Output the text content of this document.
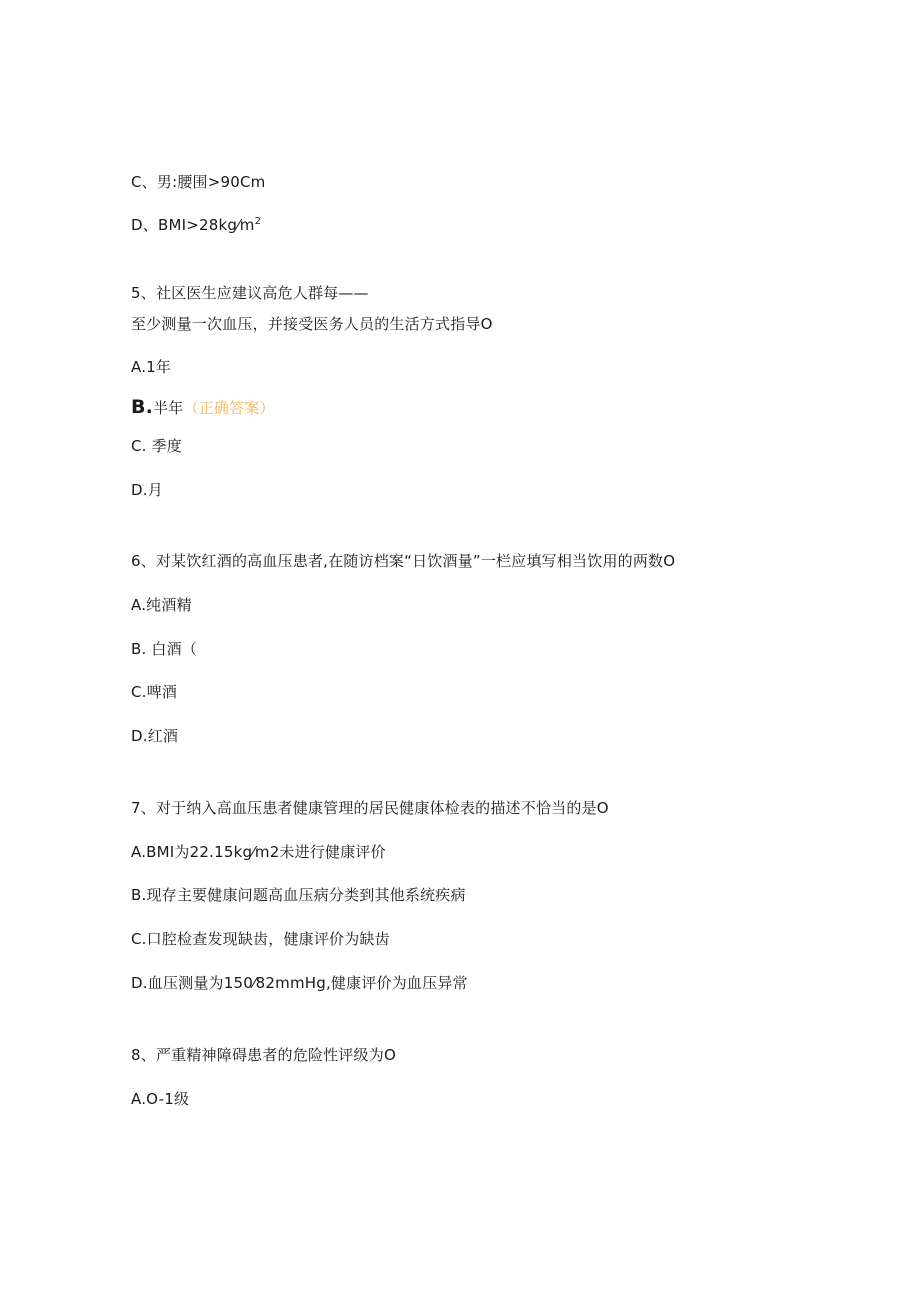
C、男:腰围>90Cm
D、$BMI>28kg⁄m^2$
5、社区医生应建议高危人群每——
至少测量一次血压，并接受医务人员的生活方式指导O
A.1年
B.半年（正确答案）
C. 季度
D.月
6、对某饮红酒的高血压患者,在随访档案“日饮酒量”一栏应填写相当饮用的两数O
A.纯酒精
B. 白酒（
C.啤酒
D.红酒
7、对于纳入高血压患者健康管理的居民健康体检表的描述不恰当的是O
A.BMI为22.15kg⁄m2未进行健康评价
B.现存主要健康问题高血压病分类到其他系统疾病
C.口腔检查发现缺齿，健康评价为缺齿
D.血压测量为150⁄82mmHg,健康评价为血压异常
8、严重精神障碍患者的危险性评级为O
A.O-1级
